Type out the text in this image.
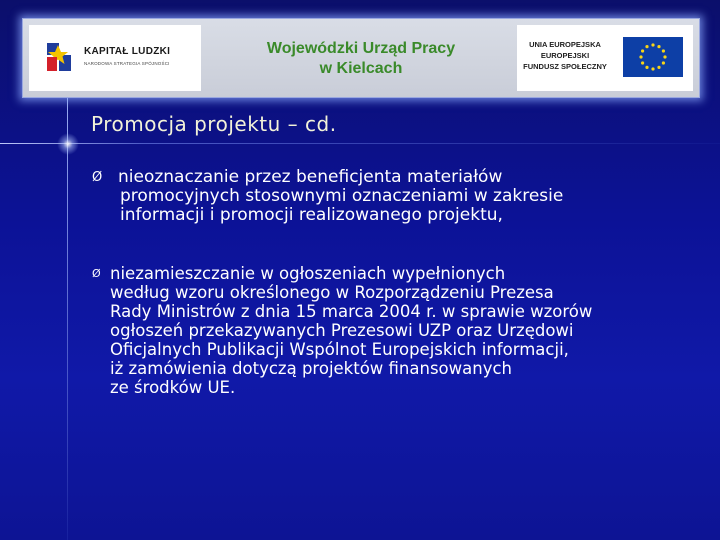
KAPITAŁ LUDZKI
NARODOWA STRATEGIA SPÓJNOŚCI
Wojewódzki Urząd Pracy
w Kielcach
UNIA EUROPEJSKA
EUROPEJSKI
FUNDUSZ SPOŁECZNY
Promocja projektu – cd.
Ø nieoznaczanie przez beneficjenta materiałów
promocyjnych stosownymi oznaczeniami w zakresie
informacji i promocji realizowanego projektu,
Ø niezamieszczanie w ogłoszeniach wypełnionych
według wzoru określonego w Rozporządzeniu Prezesa
Rady Ministrów z dnia 15 marca 2004 r. w sprawie wzorów
ogłoszeń przekazywanych Prezesowi UZP oraz Urzędowi
Oficjalnych Publikacji Wspólnot Europejskich informacji,
iż zamówienia dotyczą projektów finansowanych
ze środków UE.
